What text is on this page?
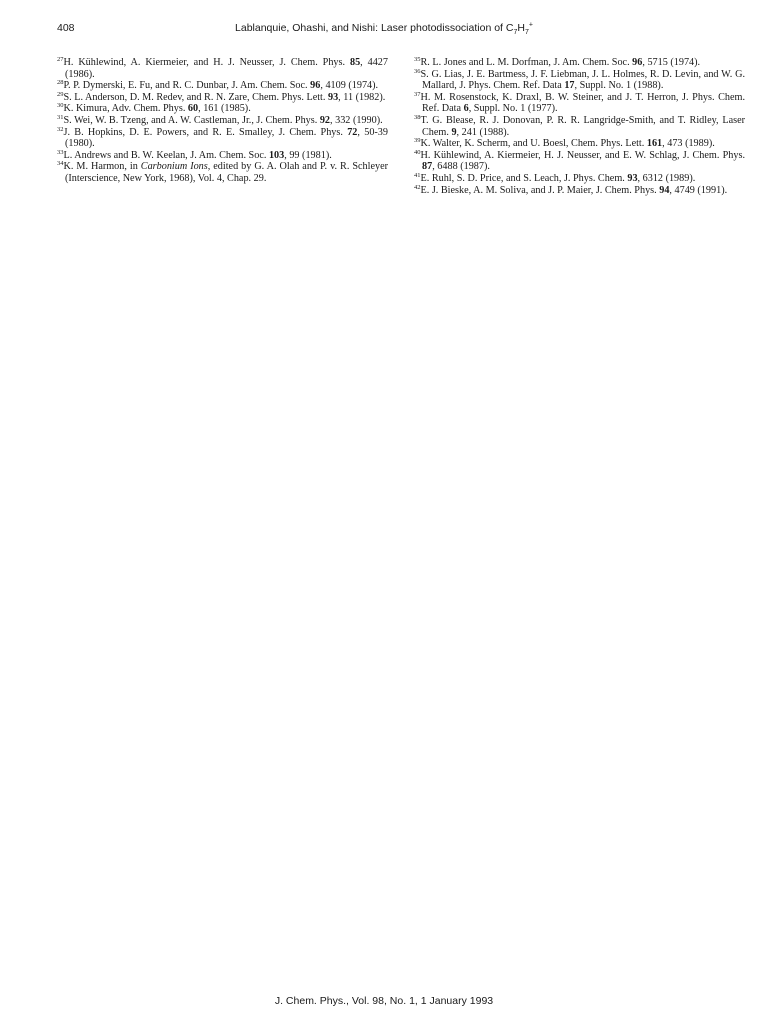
408	Lablanquie, Ohashi, and Nishi: Laser photodissociation of $C_7H_7^+$

$^{27}$H. Kühlewind, A. Kiermeier, and H. J. Neusser, J. Chem. Phys. 85, 4427 (1986).

$^{28}$P. P. Dymerski, E. Fu, and R. C. Dunbar, J. Am. Chem. Soc. 96, 4109 (1974).

$^{29}$S. L. Anderson, D. M. Redev, and R. N. Zare, Chem. Phys. Lett. 93, 11 (1982).

$^{30}$K. Kimura, Adv. Chem. Phys. 60, 161 (1985).

$^{31}$S. Wei, W. B. Tzeng, and A. W. Castleman, Jr., J. Chem. Phys. 92, 332 (1990).

$^{32}$J. B. Hopkins, D. E. Powers, and R. E. Smalley, J. Chem. Phys. 72, 50-39 (1980).

$^{33}$L. Andrews and B. W. Keelan, J. Am. Chem. Soc. 103, 99 (1981).

$^{34}$K. M. Harmon, in Carbonium Ions, edited by G. A. Olah and P. v. R. Schleyer (Interscience, New York, 1968), Vol. 4, Chap. 29.

$^{35}$R. L. Jones and L. M. Dorfman, J. Am. Chem. Soc. 96, 5715 (1974).

$^{36}$S. G. Lias, J. E. Bartmess, J. F. Liebman, J. L. Holmes, R. D. Levin, and W. G. Mallard, J. Phys. Chem. Ref. Data 17, Suppl. No. 1 (1988).

$^{37}$H. M. Rosenstock, K. Draxl, B. W. Steiner, and J. T. Herron, J. Phys. Chem. Ref. Data 6, Suppl. No. 1 (1977).

$^{38}$T. G. Blease, R. J. Donovan, P. R. R. Langridge-Smith, and T. Ridley, Laser Chem. 9, 241 (1988).

$^{39}$K. Walter, K. Scherm, and U. Boesl, Chem. Phys. Lett. 161, 473 (1989).

$^{40}$H. Kühlewind, A. Kiermeier, H. J. Neusser, and E. W. Schlag, J. Chem. Phys. 87, 6488 (1987).

$^{41}$E. Ruhl, S. D. Price, and S. Leach, J. Phys. Chem. 93, 6312 (1989).

$^{42}$E. J. Bieske, A. M. Soliva, and J. P. Maier, J. Chem. Phys. 94, 4749 (1991).

J. Chem. Phys., Vol. 98, No. 1, 1 January 1993
